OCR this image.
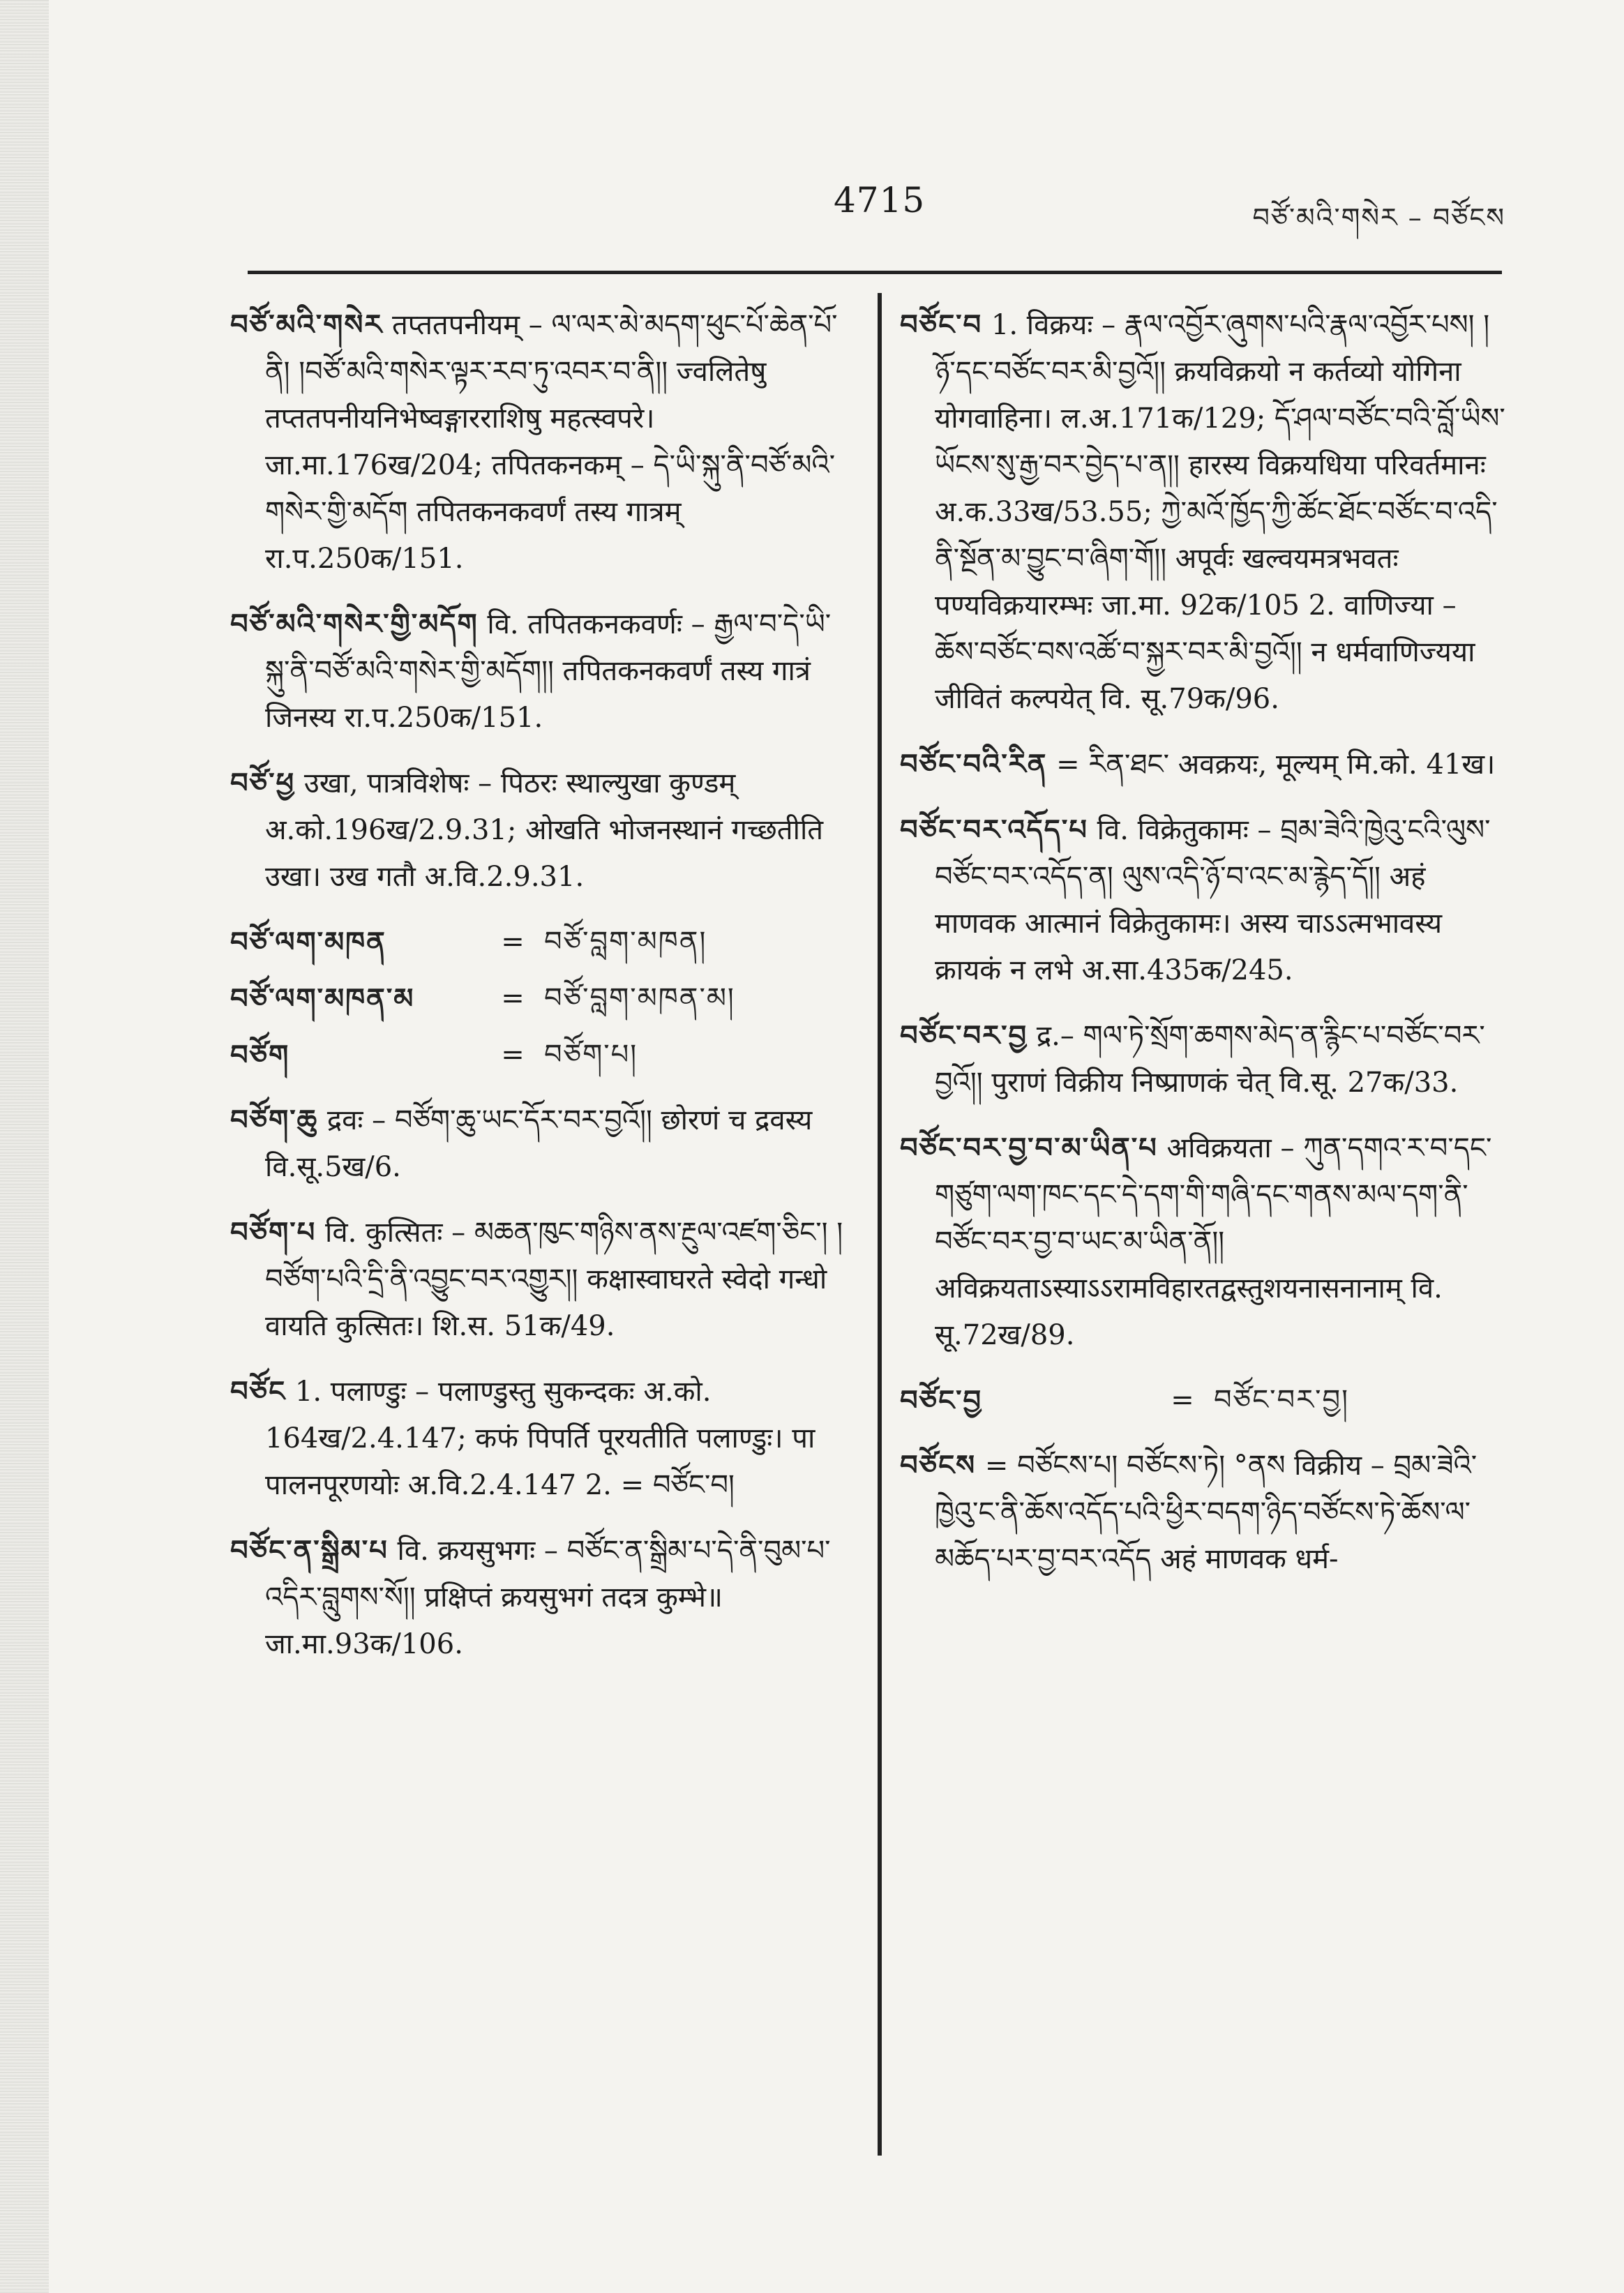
4715	བཙོ་མའི་གསེར – བཙོངས
བཙོ་མའི་གསེར तप्ततपनीयम् – ལ་ལར་མེ་མདག་ཕུང་པོ་ཆེན་པོ་ནི། །བཙོ་མའི་གསེར་ལྟར་རབ་ཏུ་འབར་བ་ནི།། ज्वलितेषु तप्ततपनीयनिभेष्वङ्गारराशिषु महत्स्वपरे। जा.मा.176ख/204; तपितकनकम् – དེ་ཡི་སྐུ་ནི་བཙོ་མའི་གསེར་གྱི་མདོག तपितकनकवर्णं तस्य गात्रम् रा.प.250क/151.
བཙོ་མའི་གསེར་གྱི་མདོག वि. तपितकनकवर्णः – རྒྱལ་བ་དེ་ཡི་སྐུ་ནི་བཙོ་མའི་གསེར་གྱི་མདོག།། तपितकनकवर्णं तस्य गात्रं जिनस्य रा.प.250क/151.
བཙོ་ཕྱ उखा, पात्रविशेषः – पिठरः स्थाल्युखा कुण्डम् अ.को.196ख/2.9.31; ओखति भोजनस्थानं गच्छतीति उखा। उख गतौ अ.वि.2.9.31.
བཙོ་ལག་མཁན	= བཙོ་བླག་མཁན།
བཙོ་ལག་མཁན་མ	= བཙོ་བླག་མཁན་མ།
བཙོག	= བཙོག་པ།
བཙོག་ཆུ द्रवः – བཙོག་ཆུ་ཡང་དོར་བར་བྱའོ།། छोरणं च द्रवस्य वि.सू.5ख/6.
བཙོག་པ वि. कुत्सितः – མཆན་ཁུང་གཉིས་ནས་རྔུལ་འཛག་ཅིང་། །བཙོག་པའི་དྲི་ནི་འབྱུང་བར་འགྱུར།། कक्षास्वाघरते स्वेदो गन्धो वायति कुत्सितः। शि.स. 51क/49.
བཙོང 1. पलाण्डुः – पलाण्डुस्तु सुकन्दकः अ.को. 164ख/2.4.147; कफं पिपर्ति पूरयतीति पलाण्डुः। पा पालनपूरणयोः अ.वि.2.4.147 2. = བཙོང་བ།
བཙོང་ན་སྒྲིམ་པ वि. क्रयसुभगः – བཙོང་ན་སྒྲིམ་པ་དེ་ནི་བུམ་པ་འདིར་བླུགས་སོ།། प्रक्षिप्तं क्रयसुभगं तदत्र कुम्भे॥ जा.मा.93क/106.
བཙོང་བ 1. विक्रयः – རྣལ་འབྱོར་ཞུགས་པའི་རྣལ་འབྱོར་པས། །ཉོ་དང་བཙོང་བར་མི་བྱའོ།། क्रयविक्रयो न कर्तव्यो योगिना योगवाहिना। ल.अ.171क/129; དོ་ཤལ་བཙོང་བའི་བློ་ཡིས་ཡོངས་སུ་རྒྱ་བར་བྱེད་པ་ན།། हारस्य विक्रयधिया परिवर्तमानः अ.क.33ख/53.55; ཀྱེ་མའོ་ཁྱོད་ཀྱི་ཚོང་ཐོང་བཙོང་བ་འདི་ནི་སྔོན་མ་བྱུང་བ་ཞིག་གོ།། अपूर्वः खल्वयमत्रभवतः पण्यविक्रयारम्भः जा.मा. 92क/105 2. वाणिज्या – ཆོས་བཙོང་བས་འཚོ་བ་སྐྱར་བར་མི་བྱའོ།། न धर्मवाणिज्यया जीवितं कल्पयेत् वि. सू.79क/96.
བཙོང་བའི་རིན = རིན་ཐང་ अवक्रयः, मूल्यम् मि.को. 41ख।
བཙོང་བར་འདོད་པ वि. विक्रेतुकामः – བྲམ་ཟེའི་ཁྱེའུ་ངའི་ལུས་བཙོང་བར་འདོད་ན། ལུས་འདི་ཉོ་བ་འང་མ་རྙེད་དོ།། अहं माणवक आत्मानं विक्रेतुकामः। अस्य चाऽऽत्मभावस्य क्रायकं न लभे अ.सा.435क/245.
བཙོང་བར་བྱ द्र.– གལ་ཏེ་སྲོག་ཆགས་མེད་ན་རྙིང་པ་བཙོང་བར་བྱའོ།། पुराणं विक्रीय निष्प्राणकं चेत् वि.सू. 27क/33.
བཙོང་བར་བྱ་བ་མ་ཡིན་པ अविक्रयता – ཀུན་དགའ་ར་བ་དང་གཙུག་ལག་ཁང་དང་དེ་དག་གི་གཞི་དང་གནས་མལ་དག་ནི་བཙོང་བར་བྱ་བ་ཡང་མ་ཡིན་ནོ།། अविक्रयताऽस्याऽऽरामविहारतद्वस्तुशयनासनानाम् वि. सू.72ख/89.
བཙོང་བྱ	= བཙོང་བར་བྱ།
བཙོངས = བཙོངས་པ། བཙོངས་ཏེ། °ནས विक्रीय – བྲམ་ཟེའི་ཁྱེའུ་ང་ནི་ཆོས་འདོད་པའི་ཕྱིར་བདག་ཉིད་བཙོངས་ཏེ་ཆོས་ལ་མཆོད་པར་བྱ་བར་འདོད अहं माणवक धर्म-
